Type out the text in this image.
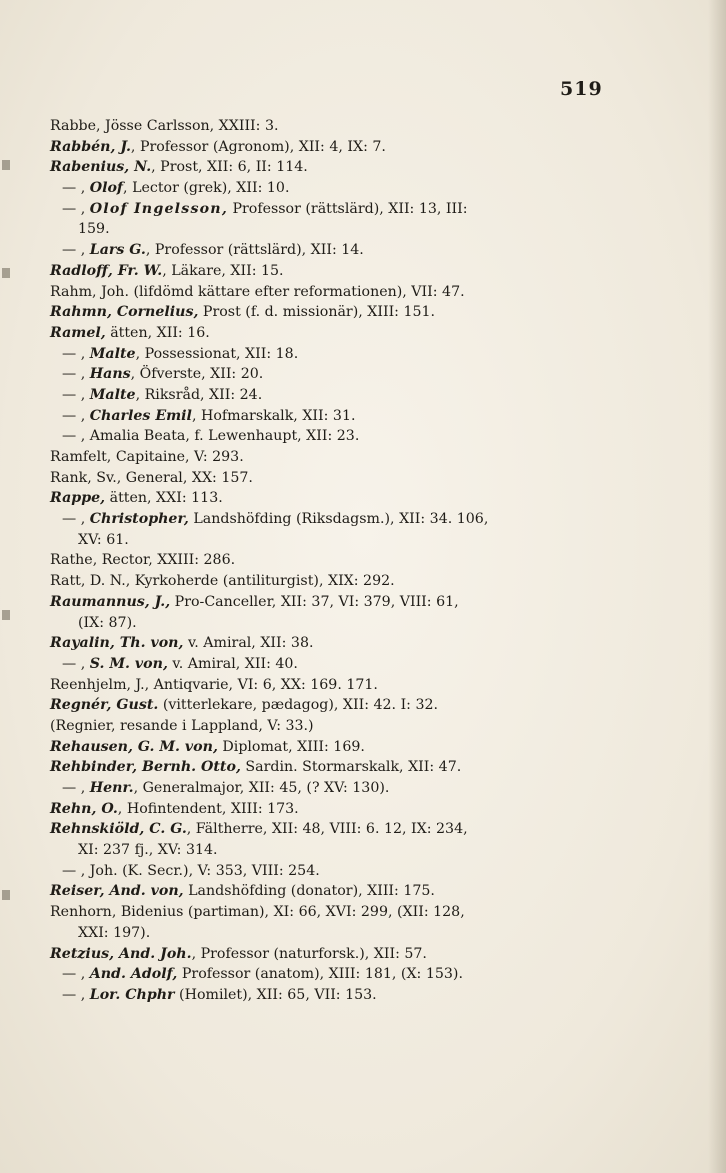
519
Rabbe, Jösse Carlsson, XXIII: 3.
Rabbén, J., Professor (Agronom), XII: 4, IX: 7.
Rabenius, N., Prost, XII: 6, II: 114.
— , Olof, Lector (grek), XII: 10.
— , Olof Ingelsson, Professor (rättslärd), XII: 13, III:
159.
— , Lars G., Professor (rättslärd), XII: 14.
Radloff, Fr. W., Läkare, XII: 15.
Rahm, Joh. (lifdömd kättare efter reformationen), VII: 47.
Rahmn, Cornelius, Prost (f. d. missionär), XIII: 151.
Ramel, ätten, XII: 16.
— , Malte, Possessionat, XII: 18.
— , Hans, Öfverste, XII: 20.
— , Malte, Riksråd, XII: 24.
— , Charles Emil, Hofmarskalk, XII: 31.
— , Amalia Beata, f. Lewenhaupt, XII: 23.
Ramfelt, Capitaine, V: 293.
Rank, Sv., General, XX: 157.
Rappe, ätten, XXI: 113.
— , Christopher, Landshöfding (Riksdagsm.), XII: 34. 106,
XV: 61.
Rathe, Rector, XXIII: 286.
Ratt, D. N., Kyrkoherde (antiliturgist), XIX: 292.
Raumannus, J., Pro-Canceller, XII: 37, VI: 379, VIII: 61,
(IX: 87).
Rayalin, Th. von, v. Amiral, XII: 38.
— , S. M. von, v. Amiral, XII: 40.
Reenhjelm, J., Antiqvarie, VI: 6, XX: 169. 171.
Regnér, Gust. (vitterlekare, pædagog), XII: 42. I: 32.
(Regnier, resande i Lappland, V: 33.)
Rehausen, G. M. von, Diplomat, XIII: 169.
Rehbinder, Bernh. Otto, Sardin. Stormarskalk, XII: 47.
— , Henr., Generalmajor, XII: 45, (? XV: 130).
Rehn, O., Hofintendent, XIII: 173.
Rehnskiöld, C. G., Fältherre, XII: 48, VIII: 6. 12, IX: 234,
XI: 237 fj., XV: 314.
— , Joh. (K. Secr.), V: 353, VIII: 254.
Reiser, And. von, Landshöfding (donator), XIII: 175.
Renhorn, Bidenius (partiman), XI: 66, XVI: 299, (XII: 128,
XXI: 197).
Retzius, And. Joh., Professor (naturforsk.), XII: 57.
— , And. Adolf, Professor (anatom), XIII: 181, (X: 153).
— , Lor. Chphr (Homilet), XII: 65, VII: 153.
